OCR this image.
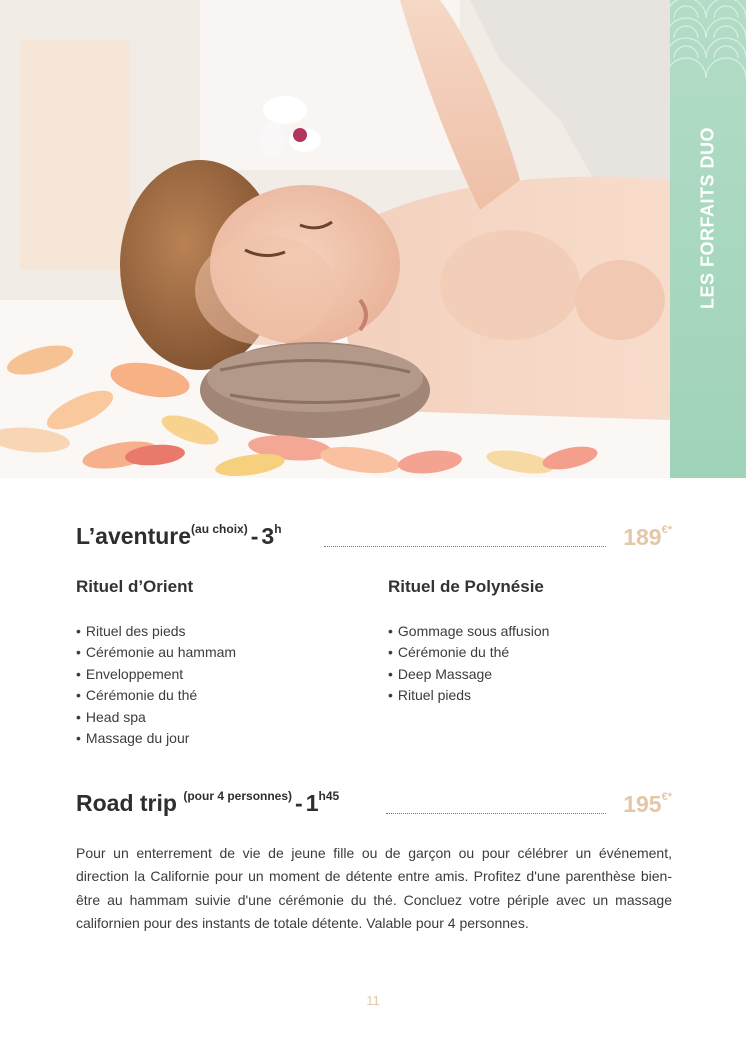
LES FORFAITS DUO
L’aventure$^{(au choix)}$ - 3$^h$	189€*
Rituel d’Orient
• Rituel des pieds
• Cérémonie au hammam
• Enveloppement
• Cérémonie du thé
• Head spa
• Massage du jour
Rituel de Polynésie
• Gommage sous affusion
• Cérémonie du thé
• Deep Massage
• Rituel pieds
Road trip $^{(pour 4 personnes)} - 1^{h45}$	195€*

Pour un enterrement de vie de jeune fille ou de garçon ou pour célébrer un événement, direction la Californie pour un moment de détente entre amis. Profitez d'une parenthèse bien-être au hammam suivie d'une cérémonie du thé. Concluez votre périple avec un massage californien pour des instants de totale détente. Valable pour 4 personnes.

11
